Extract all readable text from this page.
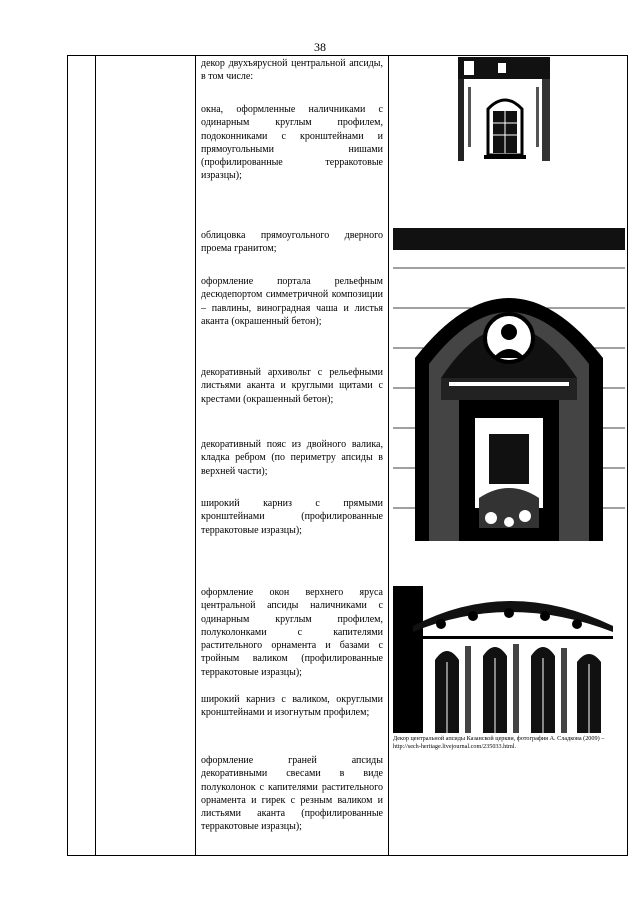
38
декор двухъярусной центральной апсиды, в том числе:
окна, оформленные наличниками с одинарным круглым профилем, подоконниками с кронштейнами и прямоугольными нишами (профилированные терракотовые изразцы);
облицовка прямоугольного дверного проема гранитом;
оформление портала рельефным десюдепортом симметричной композиции – павлины, виноградная чаша и листья аканта (окрашенный бетон);
декоративный архивольт с рельефными листьями аканта и круглыми щитами с крестами (окрашенный бетон);
декоративный пояс из двойного валика, кладка ребром (по периметру апсиды в верхней части);
широкий карниз с прямыми кронштейнами (профилированные терракотовые изразцы);
оформление окон верхнего яруса центральной апсиды наличниками с одинарным круглым профилем, полуколонками с капителями растительного орнамента и базами с тройным валиком (профилированные терракотовые изразцы);
широкий карниз с валиком, округлыми кронштейнами и изогнутым профилем;
оформление граней апсиды декоративными свесами в виде полуколонок с капителями растительного орнамента и гирек с резным валиком и листьями аканта (профилированные терракотовые изразцы);
Декор центральной апсиды Казанской церкви, фотография А. Сладкова (2009) – http://sech-heritage.livejournal.com/235033.html.
